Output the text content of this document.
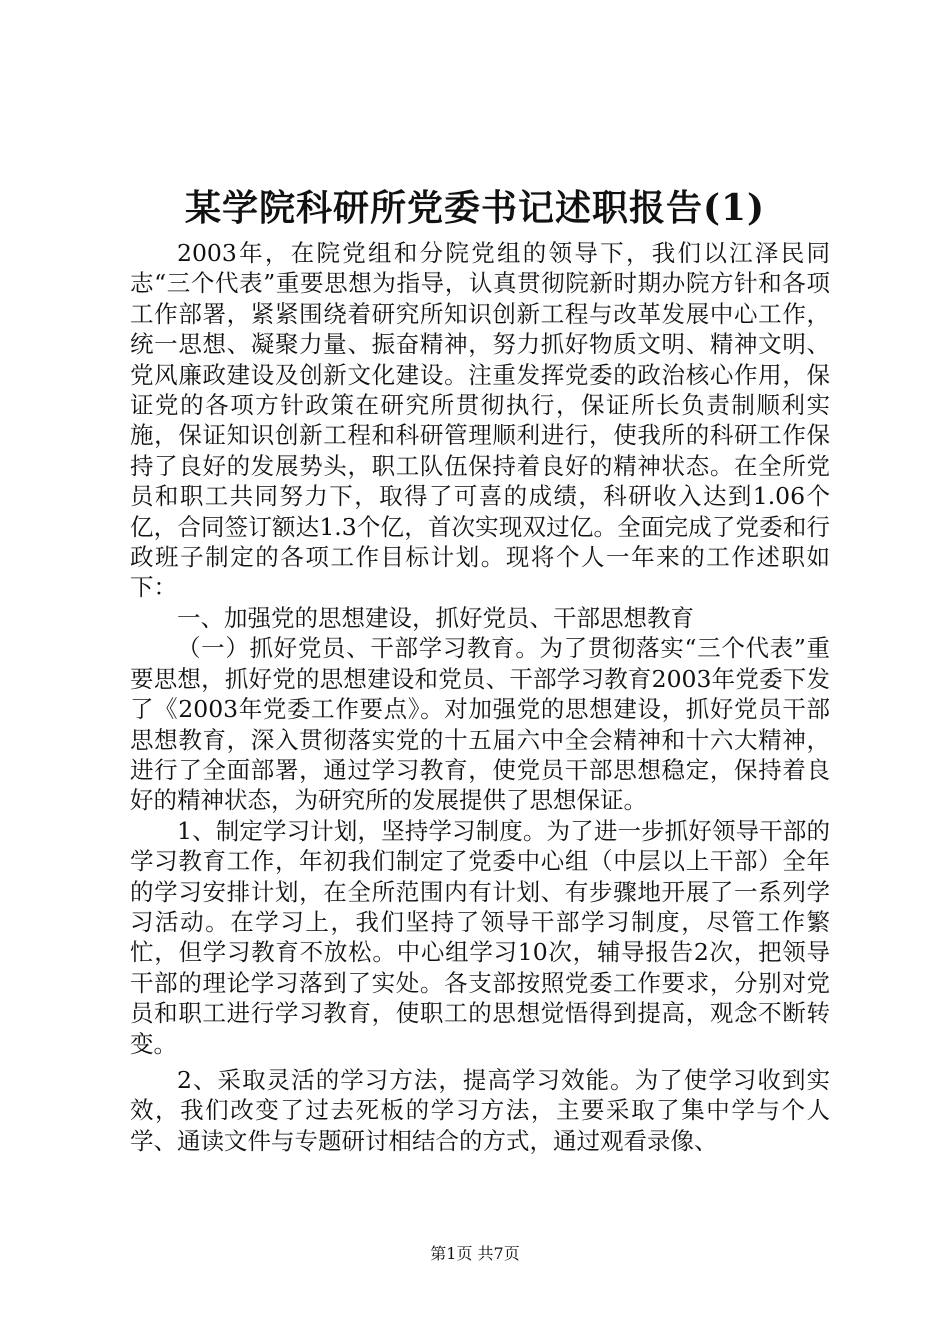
某学院科研所党委书记述职报告(1)

2003年，在院党组和分院党组的领导下，我们以江泽民同志“三个代表”重要思想为指导，认真贯彻院新时期办院方针和各项工作部署，紧紧围绕着研究所知识创新工程与改革发展中心工作，统一思想、凝聚力量、振奋精神，努力抓好物质文明、精神文明、党风廉政建设及创新文化建设。注重发挥党委的政治核心作用，保证党的各项方针政策在研究所贯彻执行，保证所长负责制顺利实施，保证知识创新工程和科研管理顺利进行，使我所的科研工作保持了良好的发展势头，职工队伍保持着良好的精神状态。在全所党员和职工共同努力下，取得了可喜的成绩，科研收入达到1.06个亿，合同签订额达1.3个亿，首次实现双过亿。全面完成了党委和行政班子制定的各项工作目标计划。现将个人一年来的工作述职如下：

一、加强党的思想建设，抓好党员、干部思想教育

（一）抓好党员、干部学习教育。为了贯彻落实“三个代表”重要思想，抓好党的思想建设和党员、干部学习教育2003年党委下发了《2003年党委工作要点》。对加强党的思想建设，抓好党员干部思想教育，深入贯彻落实党的十五届六中全会精神和十六大精神，进行了全面部署，通过学习教育，使党员干部思想稳定，保持着良好的精神状态，为研究所的发展提供了思想保证。

1、制定学习计划，坚持学习制度。为了进一步抓好领导干部的学习教育工作，年初我们制定了党委中心组（中层以上干部）全年的学习安排计划，在全所范围内有计划、有步骤地开展了一系列学习活动。在学习上，我们坚持了领导干部学习制度，尽管工作繁忙，但学习教育不放松。中心组学习10次，辅导报告2次，把领导干部的理论学习落到了实处。各支部按照党委工作要求，分别对党员和职工进行学习教育，使职工的思想觉悟得到提高，观念不断转变。

2、采取灵活的学习方法，提高学习效能。为了使学习收到实效，我们改变了过去死板的学习方法，主要采取了集中学与个人学、通读文件与专题研讨相结合的方式，通过观看录像、

第1页 共7页
